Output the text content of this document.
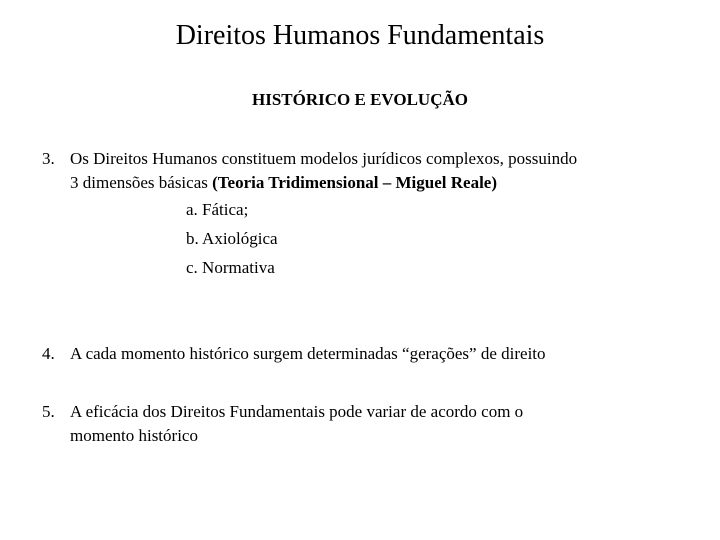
Direitos Humanos Fundamentais
HISTÓRICO E EVOLUÇÃO
3. Os Direitos Humanos constituem modelos jurídicos complexos, possuindo
3 dimensões básicas (Teoria Tridimensional – Miguel Reale)
a. Fática;
b. Axiológica
c. Normativa
4. A cada momento histórico surgem determinadas “gerações” de direito
5. A eficácia dos Direitos Fundamentais pode variar de acordo com o
momento histórico
